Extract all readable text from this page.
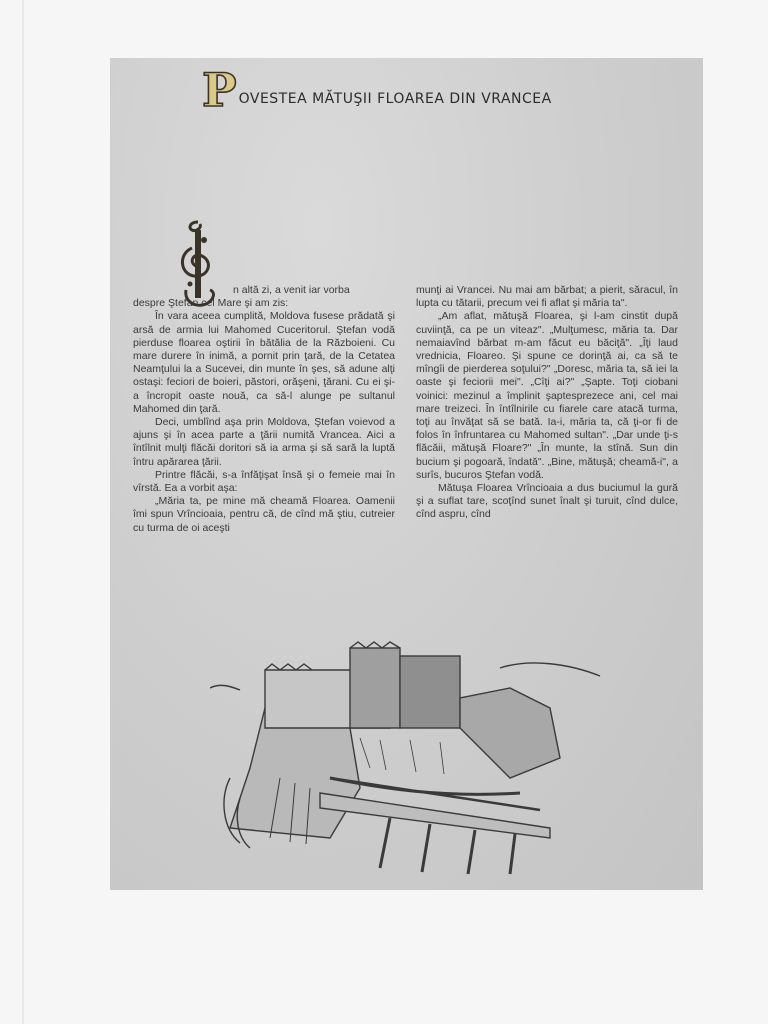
P OVESTEA MĂTUŞII FLOAREA DIN VRANCEA

n altă zi, a venit iar vorba
despre Ştefan cel Mare şi am zis:

În vara aceea cumplită, Moldova fusese prădată şi arsă de armia lui Mahomed Cuceritorul. Ştefan vodă pierduse floarea oştirii în bătălia de la Războieni. Cu mare durere în inimă, a pornit prin ţară, de la Cetatea Neamţului la a Sucevei, din munte în şes, să adune alţi ostaşi: feciori de boieri, păstori, orăşeni, ţărani. Cu ei şi-a încropit oaste nouă, ca să-l alunge pe sultanul Mahomed din ţară.

Deci, umblînd aşa prin Moldova, Ştefan voievod a ajuns şi în acea parte a ţării numită Vrancea. Aici a întîlnit mulţi flăcăi doritori să ia arma şi să sară la luptă întru apărarea ţării.

Printre flăcăi, s-a înfăţişat însă şi o femeie mai în vîrstă. Ea a vorbit aşa:

„Măria ta, pe mine mă cheamă Floarea. Oamenii îmi spun Vrîncioaia, pentru că, de cînd mă ştiu, cutreier cu turma de oi aceşti

munţi ai Vrancei. Nu mai am bărbat; a pierit, săracul, în lupta cu tătarii, precum vei fi aflat şi măria ta".

„Am aflat, mătuşă Floarea, şi l-am cinstit după cuviinţă, ca pe un viteaz". „Mulţumesc, măria ta. Dar nemaiavînd bărbat m-am făcut eu băciţă". „Îţi laud vrednicia, Floareo. Şi spune ce dorinţă ai, ca să te mîngîi de pierderea soţului?" „Doresc, măria ta, să iei la oaste şi feciorii mei". „Cîţi ai?" „Şapte. Toţi ciobani voinici: mezinul a împlinit şaptesprezece ani, cel mai mare treizeci. În întîlnirile cu fiarele care atacă turma, toţi au învăţat să se bată. Ia-i, măria ta, că ţi-or fi de folos în înfruntarea cu Mahomed sultan". „Dar unde ţi-s flăcăii, mătuşă Floare?" „În munte, la stînă. Sun din bucium şi pogoară, îndată". „Bine, mătuşă; cheamă-i", a surîs, bucuros Ştefan vodă.

Mătuşa Floarea Vrîncioaia a dus buciumul la gură şi a suflat tare, scoţînd sunet înalt şi turuit, cînd dulce, cînd aspru, cînd
